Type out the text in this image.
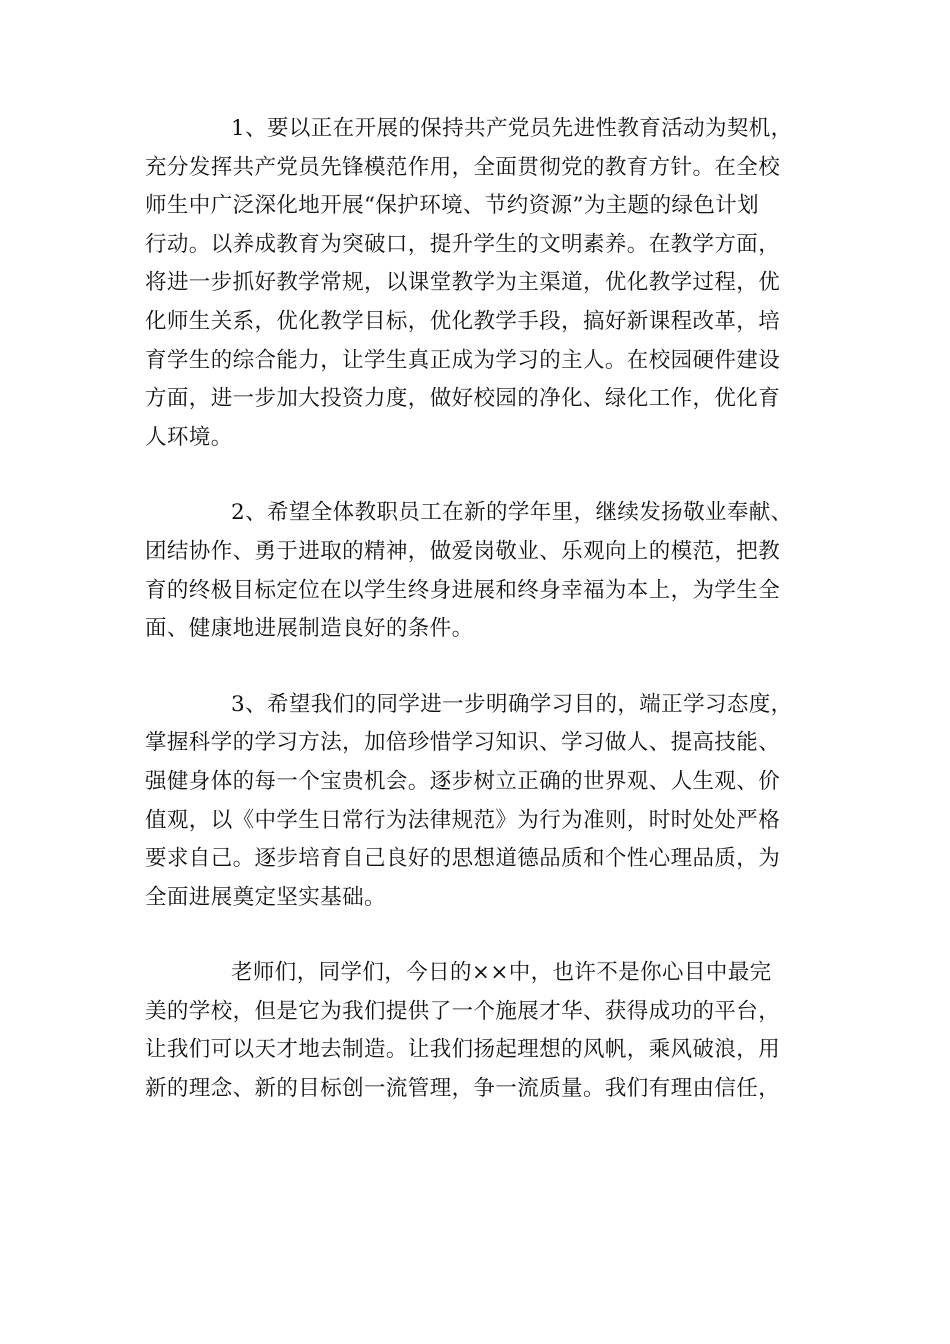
1、要以正在开展的保持共产党员先进性教育活动为契机，
充分发挥共产党员先锋模范作用，全面贯彻党的教育方针。在全校
师生中广泛深化地开展“保护环境、节约资源”为主题的绿色计划
行动。以养成教育为突破口，提升学生的文明素养。在教学方面，
将进一步抓好教学常规，以课堂教学为主渠道，优化教学过程，优
化师生关系，优化教学目标，优化教学手段，搞好新课程改革，培
育学生的综合能力，让学生真正成为学习的主人。在校园硬件建设
方面，进一步加大投资力度，做好校园的净化、绿化工作，优化育
人环境。
2、希望全体教职员工在新的学年里，继续发扬敬业奉献、
团结协作、勇于进取的精神，做爱岗敬业、乐观向上的模范，把教
育的终极目标定位在以学生终身进展和终身幸福为本上，为学生全
面、健康地进展制造良好的条件。
3、希望我们的同学进一步明确学习目的，端正学习态度，
掌握科学的学习方法，加倍珍惜学习知识、学习做人、提高技能、
强健身体的每一个宝贵机会。逐步树立正确的世界观、人生观、价
值观，以《中学生日常行为法律规范》为行为准则，时时处处严格
要求自己。逐步培育自己良好的思想道德品质和个性心理品质，为
全面进展奠定坚实基础。
老师们，同学们，今日的××中，也许不是你心目中最完
美的学校，但是它为我们提供了一个施展才华、获得成功的平台，
让我们可以天才地去制造。让我们扬起理想的风帆，乘风破浪，用
新的理念、新的目标创一流管理，争一流质量。我们有理由信任，
